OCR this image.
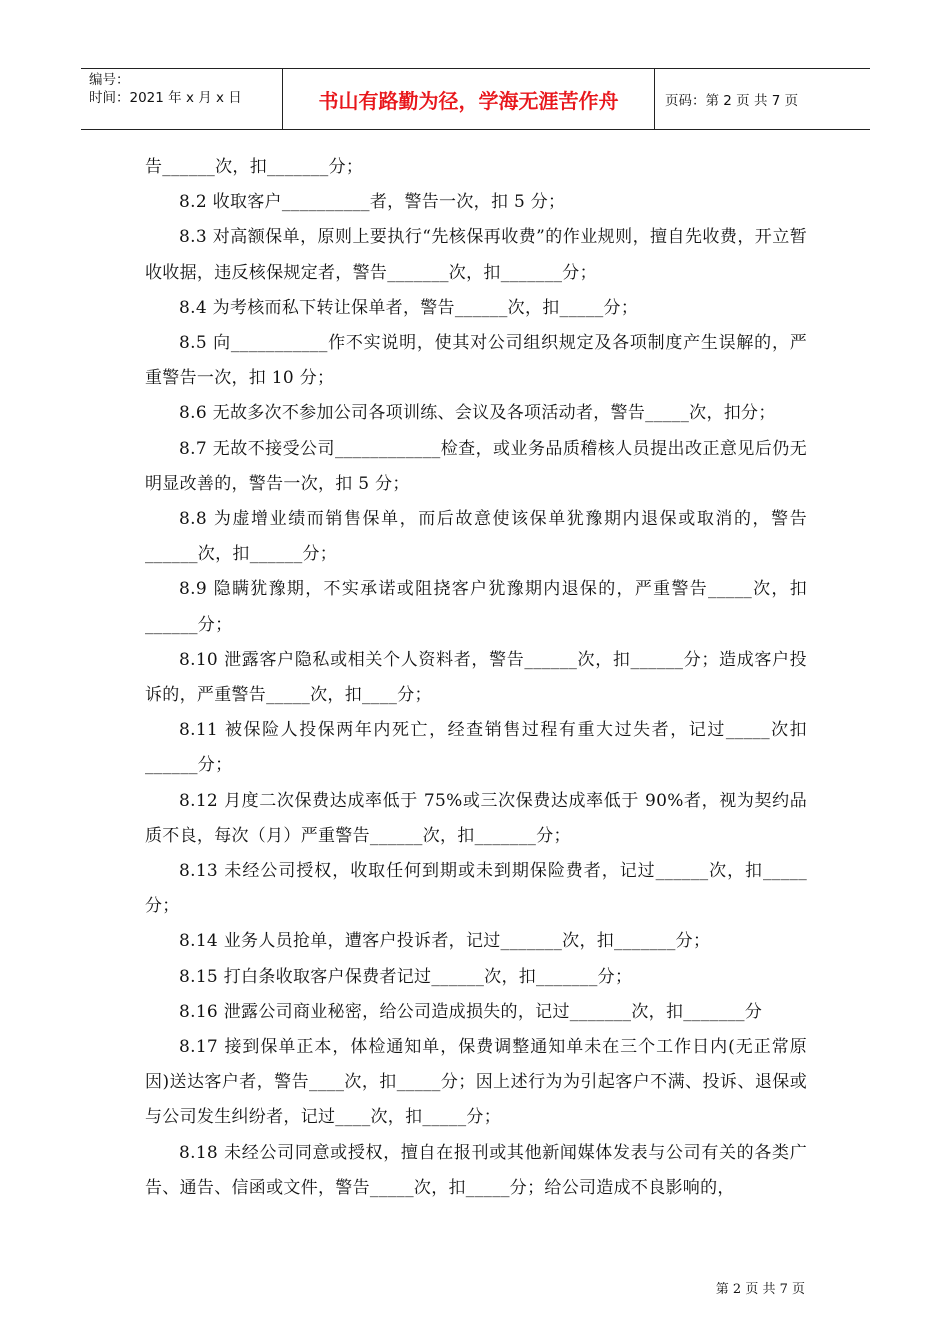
编号：
时间：2021 年 x 月 x 日	书山有路勤为径，学海无涯苦作舟	页码：第 2 页 共 7 页

告______次，扣_______分；

8.2 收取客户__________者，警告一次，扣 5 分；

8.3 对高额保单，原则上要执行“先核保再收费”的作业规则，擅自先收费，开立暂收收据，违反核保规定者，警告_______次，扣_______分；

8.4 为考核而私下转让保单者，警告______次，扣_____分；

8.5 向___________作不实说明，使其对公司组织规定及各项制度产生误解的，严重警告一次，扣 10 分；

8.6 无故多次不参加公司各项训练、会议及各项活动者，警告_____次，扣分；

8.7 无故不接受公司____________检查，或业务品质稽核人员提出改正意见后仍无明显改善的，警告一次，扣 5 分；

8.8 为虚增业绩而销售保单，而后故意使该保单犹豫期内退保或取消的，警告______次，扣______分；

8.9 隐瞒犹豫期，不实承诺或阻挠客户犹豫期内退保的，严重警告_____次，扣______分；

8.10 泄露客户隐私或相关个人资料者，警告______次，扣______分；造成客户投诉的，严重警告_____次，扣____分；

8.11 被保险人投保两年内死亡，经查销售过程有重大过失者，记过_____次扣______分；

8.12 月度二次保费达成率低于 75%或三次保费达成率低于 90%者，视为契约品质不良，每次（月）严重警告______次，扣_______分；

8.13 未经公司授权，收取任何到期或未到期保险费者，记过______次，扣_____分；

8.14 业务人员抢单，遭客户投诉者，记过_______次，扣_______分；

8.15 打白条收取客户保费者记过______次，扣_______分；

8.16 泄露公司商业秘密，给公司造成损失的，记过_______次，扣_______分

8.17 接到保单正本，体检通知单，保费调整通知单未在三个工作日内(无正常原因)送达客户者，警告____次，扣_____分；因上述行为为引起客户不满、投诉、退保或与公司发生纠纷者，记过____次，扣_____分；

8.18 未经公司同意或授权，擅自在报刊或其他新闻媒体发表与公司有关的各类广告、通告、信函或文件，警告_____次，扣_____分；给公司造成不良影响的，

第 2 页 共 7 页
